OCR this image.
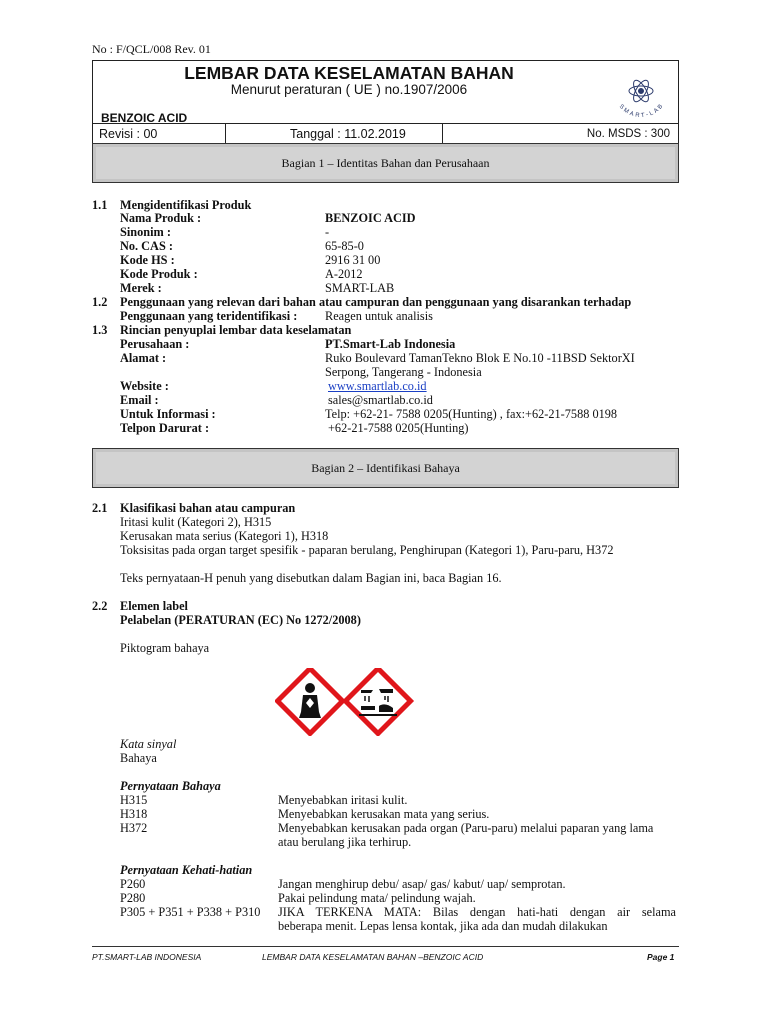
No : F/QCL/008 Rev. 01
LEMBAR DATA KESELAMATAN BAHAN
Menurut peraturan ( UE ) no.1907/2006
BENZOIC ACID
SMART-LAB
Revisi : 00	Tanggal : 11.02.2019	No. MSDS : 300
Bagian 1 – Identitas Bahan dan Perusahaan
1.1 Mengidentifikasi Produk
Nama Produk :	BENZOIC ACID
Sinonim :	-
No. CAS :	65-85-0
Kode HS :	2916 31 00
Kode Produk :	A-2012
Merek :	SMART-LAB
1.2 Penggunaan yang relevan dari bahan atau campuran dan penggunaan yang disarankan terhadap
Penggunaan yang teridentifikasi : Reagen untuk analisis
1.3 Rincian penyuplai lembar data keselamatan
Perusahaan :	PT.Smart-Lab Indonesia
Alamat :	Ruko Boulevard TamanTekno Blok E No.10 -11BSD SektorXI
Serpong, Tangerang - Indonesia
Website :	www.smartlab.co.id
Email :	sales@smartlab.co.id
Untuk Informasi :	Telp: +62-21- 7588 0205(Hunting) , fax:+62-21-7588 0198
Telpon Darurat :	+62-21-7588 0205(Hunting)
Bagian 2 – Identifikasi Bahaya
2.1 Klasifikasi bahan atau campuran
Iritasi kulit (Kategori 2), H315
Kerusakan mata serius (Kategori 1), H318
Toksisitas pada organ target spesifik - paparan berulang, Penghirupan (Kategori 1), Paru-paru, H372
Teks pernyataan-H penuh yang disebutkan dalam Bagian ini, baca Bagian 16.
2.2 Elemen label
Pelabelan (PERATURAN (EC) No 1272/2008)
Piktogram bahaya
Kata sinyal
Bahaya
Pernyataan Bahaya
H315	Menyebabkan iritasi kulit.
H318	Menyebabkan kerusakan mata yang serius.
H372	Menyebabkan kerusakan pada organ (Paru-paru) melalui paparan yang lama
atau berulang jika terhirup.
Pernyataan Kehati-hatian
P260	Jangan menghirup debu/ asap/ gas/ kabut/ uap/ semprotan.
P280	Pakai pelindung mata/ pelindung wajah.
P305 + P351 + P338 + P310 JIKA TERKENA MATA: Bilas dengan hati-hati dengan air selama
beberapa menit. Lepas lensa kontak, jika ada dan mudah dilakukan
PT.SMART-LAB INDONESIA	LEMBAR DATA KESELAMATAN BAHAN –BENZOIC ACID	Page 1
